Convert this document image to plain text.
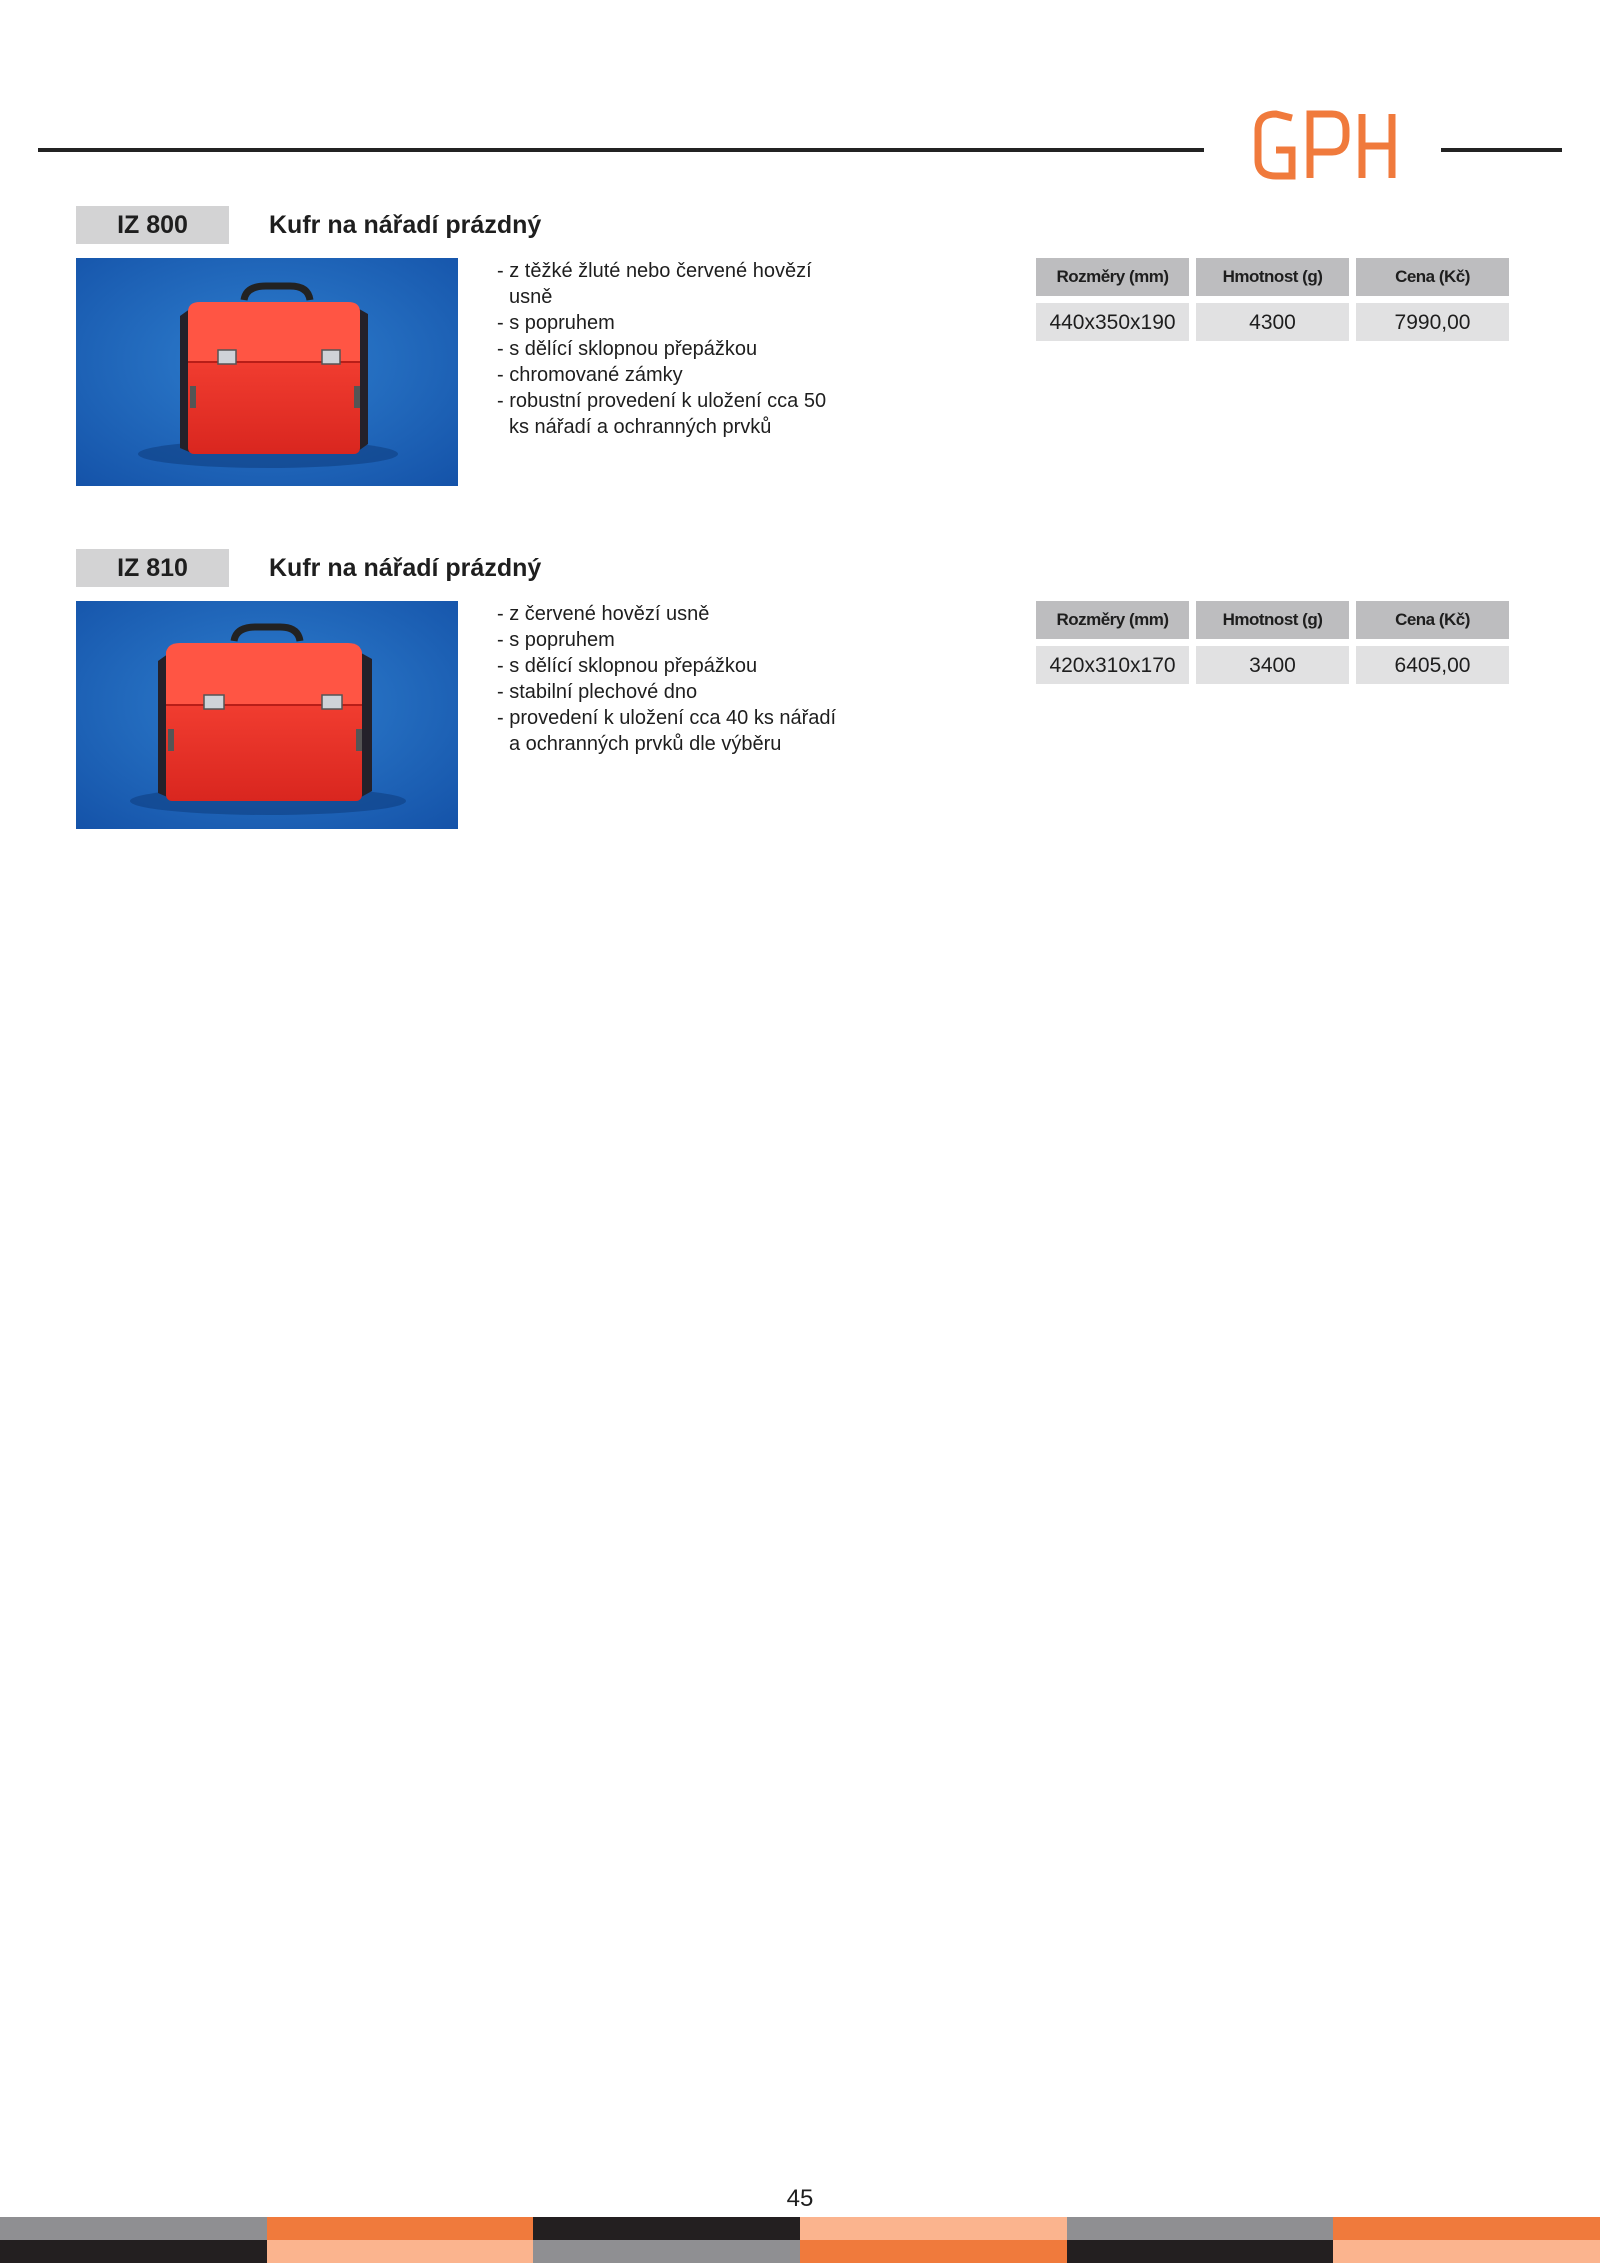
IZ 800	Kufr na nářadí prázdný
- z těžké žluté nebo červené hovězí usně
- s popruhem
- s dělící sklopnou přepážkou
- chromované zámky
- robustní provedení k uložení cca 50 ks nářadí a ochranných prvků
Rozměry (mm)	Hmotnost (g)	Cena (Kč)
440x350x190	4300	7990,00
IZ 810	Kufr na nářadí prázdný
- z červené hovězí usně
- s popruhem
- s dělící sklopnou přepážkou
- stabilní plechové dno
- provedení k uložení cca 40 ks nářadí a ochranných prvků dle výběru
Rozměry (mm)	Hmotnost (g)	Cena (Kč)
420x310x170	3400	6405,00
45
